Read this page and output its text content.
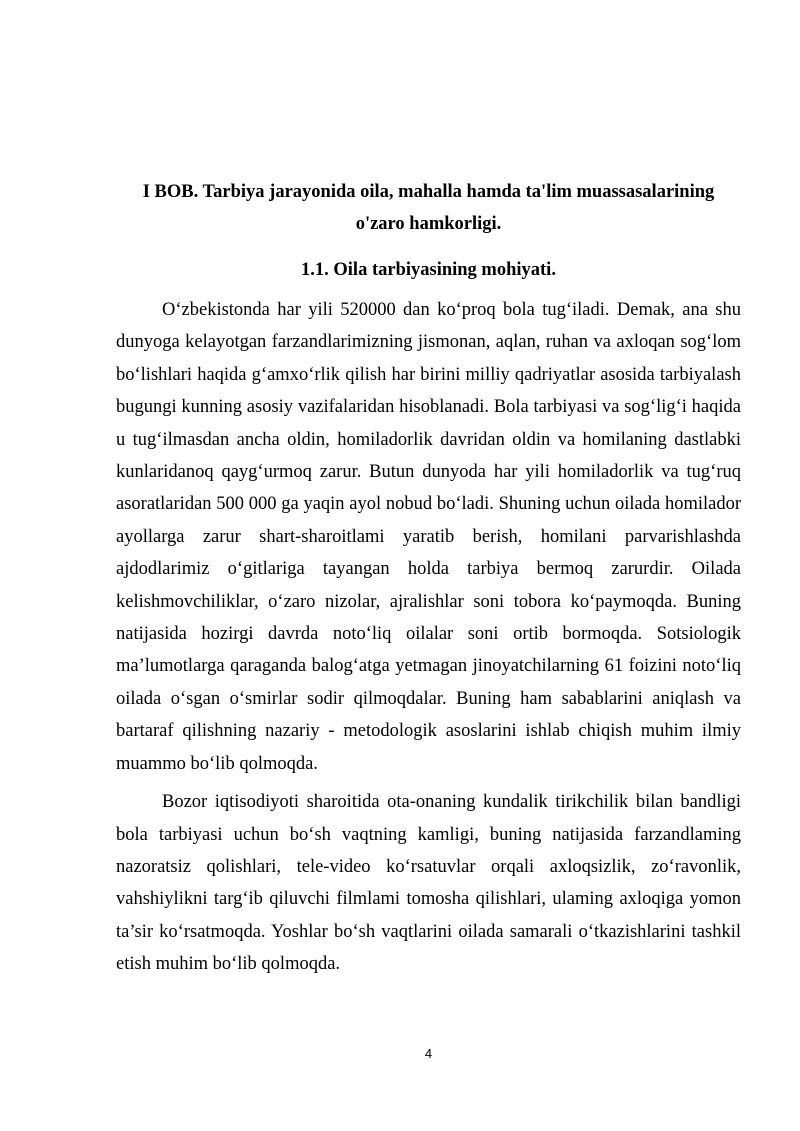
I BOB. Tarbiya jarayonida oila, mahalla hamda ta'lim muassasalarining
o'zaro hamkorligi.
1.1. Oila tarbiyasining mohiyati.

O‘zbekistonda har yili 520000 dan ko‘proq bola tug‘iladi. Demak, ana shu dunyoga kelayotgan farzandlarimizning jismonan, aqlan, ruhan va axloqan sog‘lom bo‘lishlari haqida g‘amxo‘rlik qilish har birini milliy qadriyatlar asosida tarbiyalash bugungi kunning asosiy vazifalaridan hisoblanadi. Bola tarbiyasi va sog‘lig‘i haqida u tug‘ilmasdan ancha oldin, homiladorlik davridan oldin va homilaning dastlabki kunlaridanoq qayg‘urmoq zarur. Butun dunyoda har yili homiladorlik va tug‘ruq asoratlaridan 500 000 ga yaqin ayol nobud bo‘ladi. Shuning uchun oilada homilador ayollarga zarur shart-sharoitlami yaratib berish, homilani parvarishlashda ajdodlarimiz o‘gitlariga tayangan holda tarbiya bermoq zarurdir. Oilada kelishmovchiliklar, o‘zaro nizolar, ajralishlar soni tobora ko‘paymoqda. Buning natijasida hozirgi davrda noto‘liq oilalar soni ortib bormoqda. Sotsiologik ma’lumotlarga qaraganda balog‘atga yetmagan jinoyatchilarning 61 foizini noto‘liq oilada o‘sgan o‘smirlar sodir qilmoqdalar. Buning ham sabablarini aniqlash va bartaraf qilishning nazariy - metodologik asoslarini ishlab chiqish muhim ilmiy muammo bo‘lib qolmoqda.

Bozor iqtisodiyoti sharoitida ota-onaning kundalik tirikchilik bilan bandligi bola tarbiyasi uchun bo‘sh vaqtning kamligi, buning natijasida farzandlaming nazoratsiz qolishlari, tele-video ko‘rsatuvlar orqali axloqsizlik, zo‘ravonlik, vahshiylikni targ‘ib qiluvchi filmlami tomosha qilishlari, ulaming axloqiga yomon ta’sir ko‘rsatmoqda. Yoshlar bo‘sh vaqtlarini oilada samarali o‘tkazishlarini tashkil etish muhim bo‘lib qolmoqda.

4
